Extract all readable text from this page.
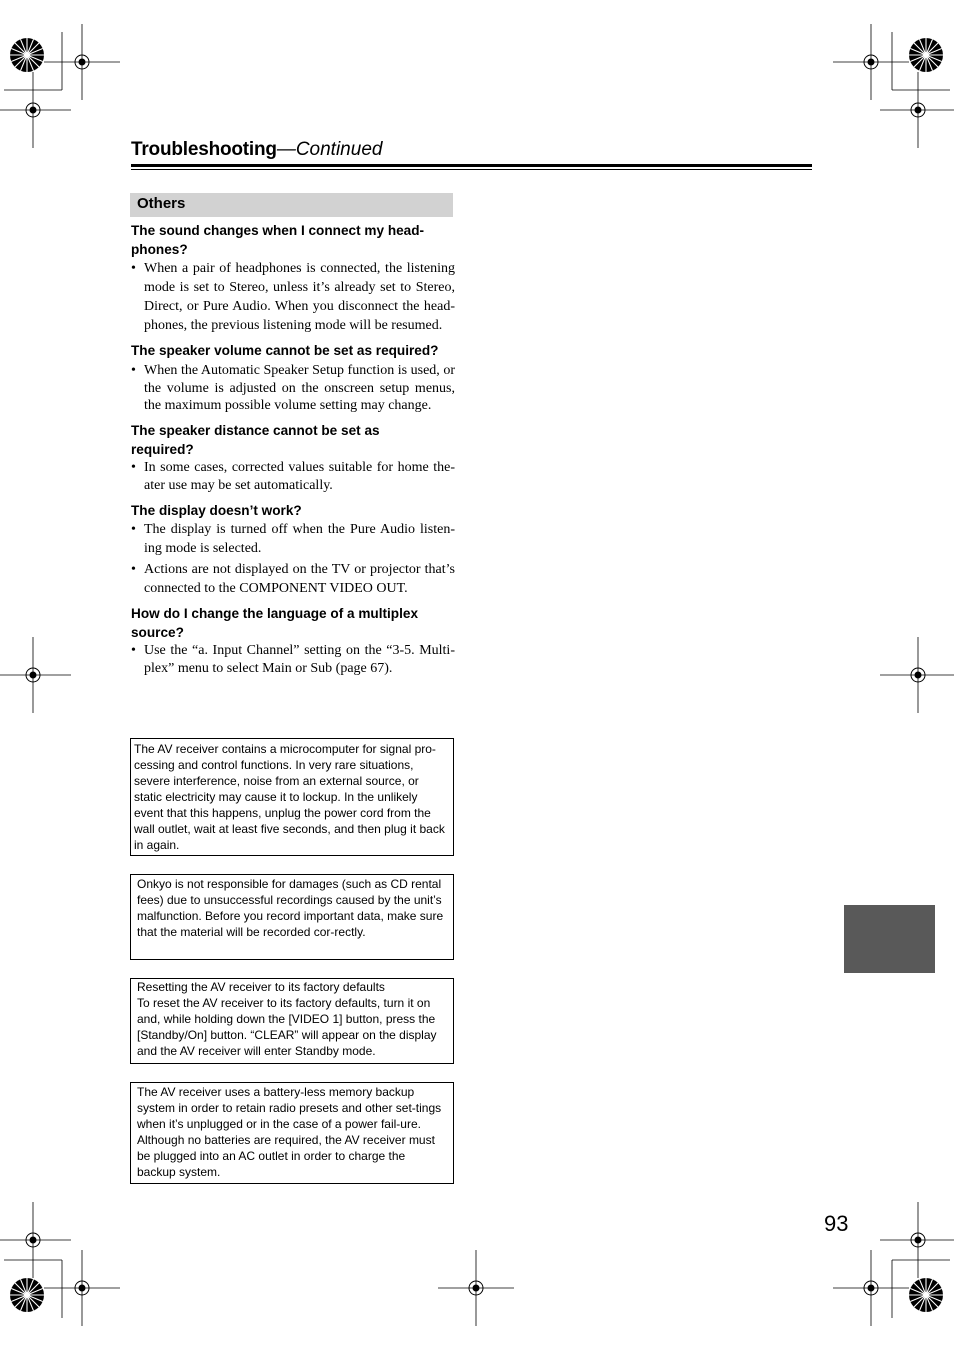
Troubleshooting—Continued
Others

The sound changes when I connect my head-
phones?

• When a pair of headphones is connected, the listening mode is set to Stereo, unless it’s already set to Stereo, Direct, or Pure Audio. When you disconnect the head-phones, the previous listening mode will be resumed.

The speaker volume cannot be set as required?

• When the Automatic Speaker Setup function is used, or the volume is adjusted on the onscreen setup menus, the maximum possible volume setting may change.

The speaker distance cannot be set as required?

• In some cases, corrected values suitable for home the-ater use may be set automatically.

The display doesn’t work?

• The display is turned off when the Pure Audio listen-ing mode is selected.

• Actions are not displayed on the TV or projector that’s connected to the COMPONENT VIDEO OUT.

How do I change the language of a multiplex source?

• Use the “a. Input Channel” setting on the “3-5. Multi-plex” menu to select Main or Sub (page 67).

The AV receiver contains a microcomputer for signal pro-cessing and control functions. In very rare situations, severe interference, noise from an external source, or static electricity may cause it to lockup. In the unlikely event that this happens, unplug the power cord from the wall outlet, wait at least five seconds, and then plug it back in again.

Onkyo is not responsible for damages (such as CD rental fees) due to unsuccessful recordings caused by the unit’s malfunction. Before you record important data, make sure that the material will be recorded cor-rectly.

Resetting the AV receiver to its factory defaults

To reset the AV receiver to its factory defaults, turn it on and, while holding down the [VIDEO 1] button, press the [Standby/On] button. “CLEAR” will appear on the display and the AV receiver will enter Standby mode.

The AV receiver uses a battery-less memory backup system in order to retain radio presets and other set-tings when it’s unplugged or in the case of a power fail-ure. Although no batteries are required, the AV receiver must be plugged into an AC outlet in order to charge the backup system.

93
